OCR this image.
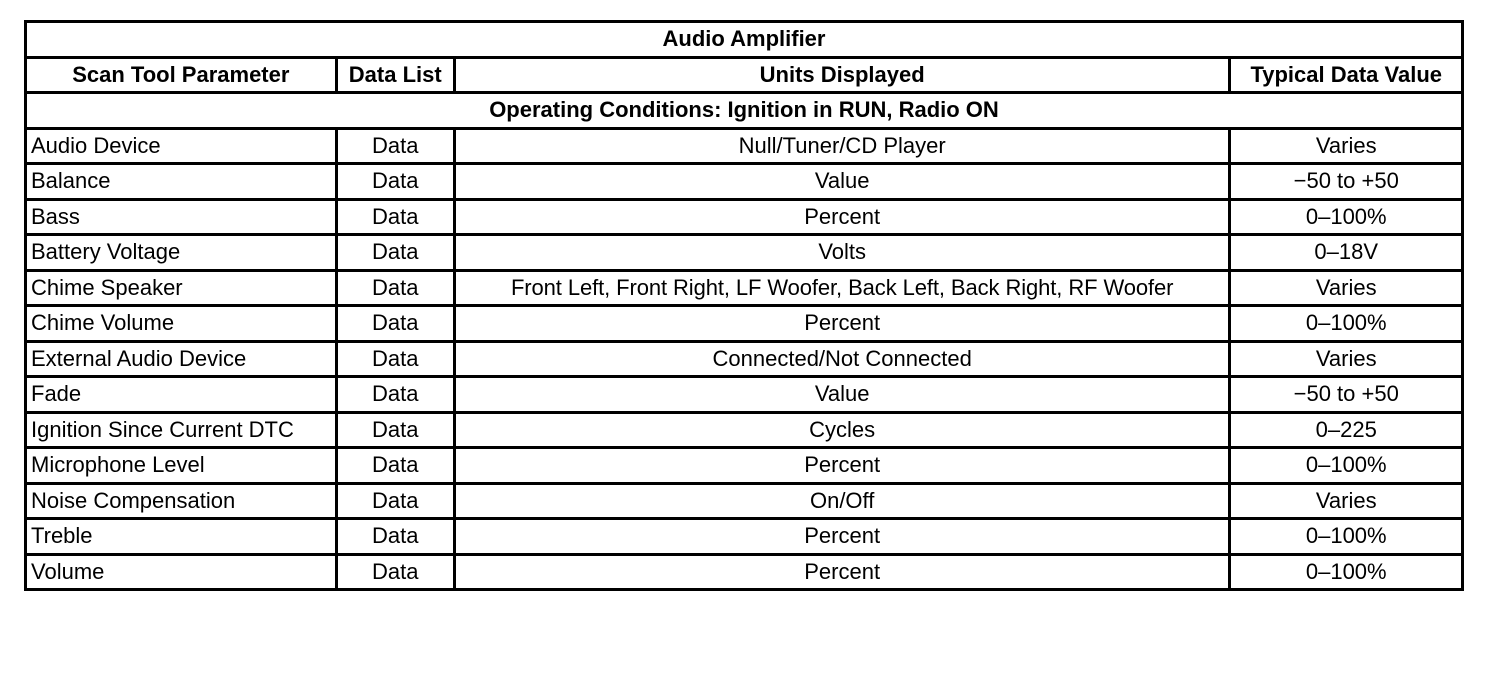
Audio Amplifier			
Scan Tool Parameter	Data List	Units Displayed	Typical Data Value
Operating Conditions: Ignition in RUN, Radio ON			
Audio Device	Data	Null/Tuner/CD Player	Varies
Balance	Data	Value	−50 to +50
Bass	Data	Percent	0–100%
Battery Voltage	Data	Volts	0–18V
Chime Speaker	Data	Front Left, Front Right, LF Woofer, Back Left, Back Right, RF Woofer	Varies
Chime Volume	Data	Percent	0–100%
External Audio Device	Data	Connected/Not Connected	Varies
Fade	Data	Value	−50 to +50
Ignition Since Current DTC	Data	Cycles	0–225
Microphone Level	Data	Percent	0–100%
Noise Compensation	Data	On/Off	Varies
Treble	Data	Percent	0–100%
Volume	Data	Percent	0–100%
